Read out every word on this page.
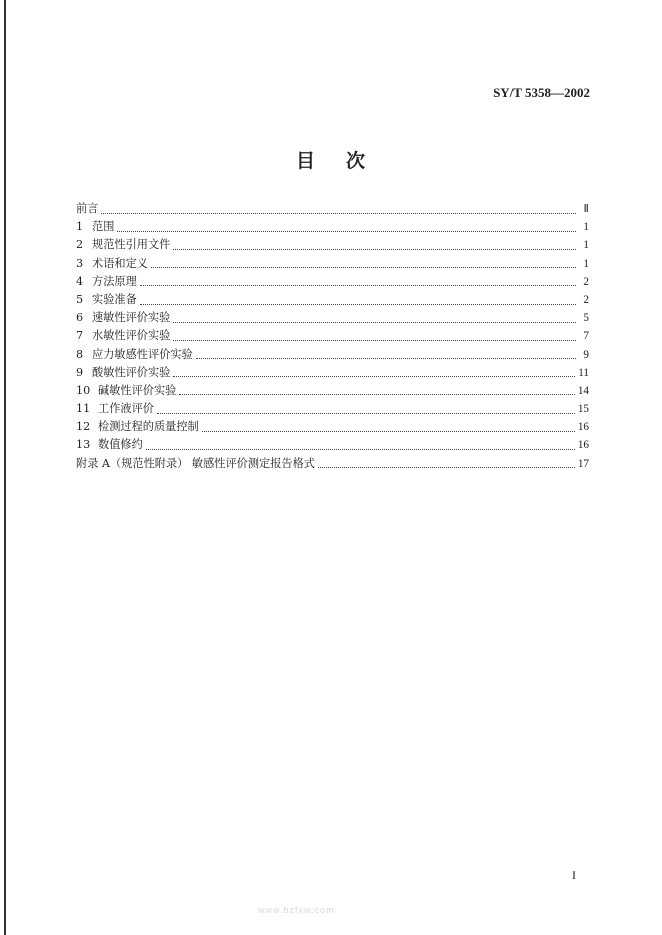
SY/T 5358—2002
目 次
前言	Ⅱ
1 范围	1
2 规范性引用文件	1
3 术语和定义	1
4 方法原理	2
5 实验准备	2
6 速敏性评价实验	5
7 水敏性评价实验	7
8 应力敏感性评价实验	9
9 酸敏性评价实验	11
10 碱敏性评价实验	14
11 工作液评价	15
12 检测过程的质量控制	16
13 数值修约	16
附录 A（规范性附录） 敏感性评价测定报告格式	17
I
www.bzfxw.com
